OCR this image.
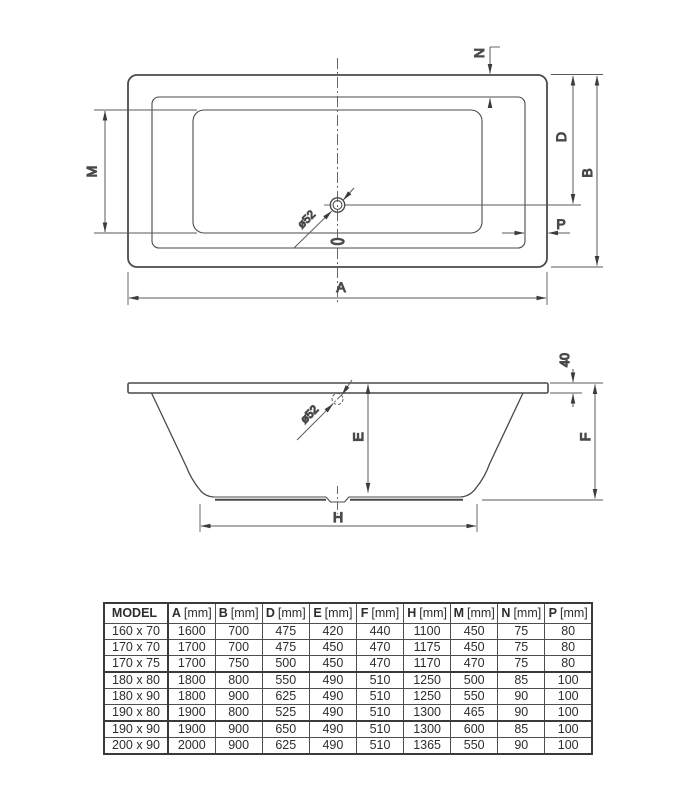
M
A
N
D
B
P
ø52
ø52
40
F
E
H
MODEL	A [mm]	B [mm]	D [mm]	E [mm]	F [mm]	H [mm]	M [mm]	N [mm]	P [mm]
160 x 70	1600	700	475	420	440	1100	450	75	80
170 x 70	1700	700	475	450	470	1175	450	75	80
170 x 75	1700	750	500	450	470	1170	470	75	80
180 x 80	1800	800	550	490	510	1250	500	85	100
180 x 90	1800	900	625	490	510	1250	550	90	100
190 x 80	1900	800	525	490	510	1300	465	90	100
190 x 90	1900	900	650	490	510	1300	600	85	100
200 x 90	2000	900	625	490	510	1365	550	90	100
